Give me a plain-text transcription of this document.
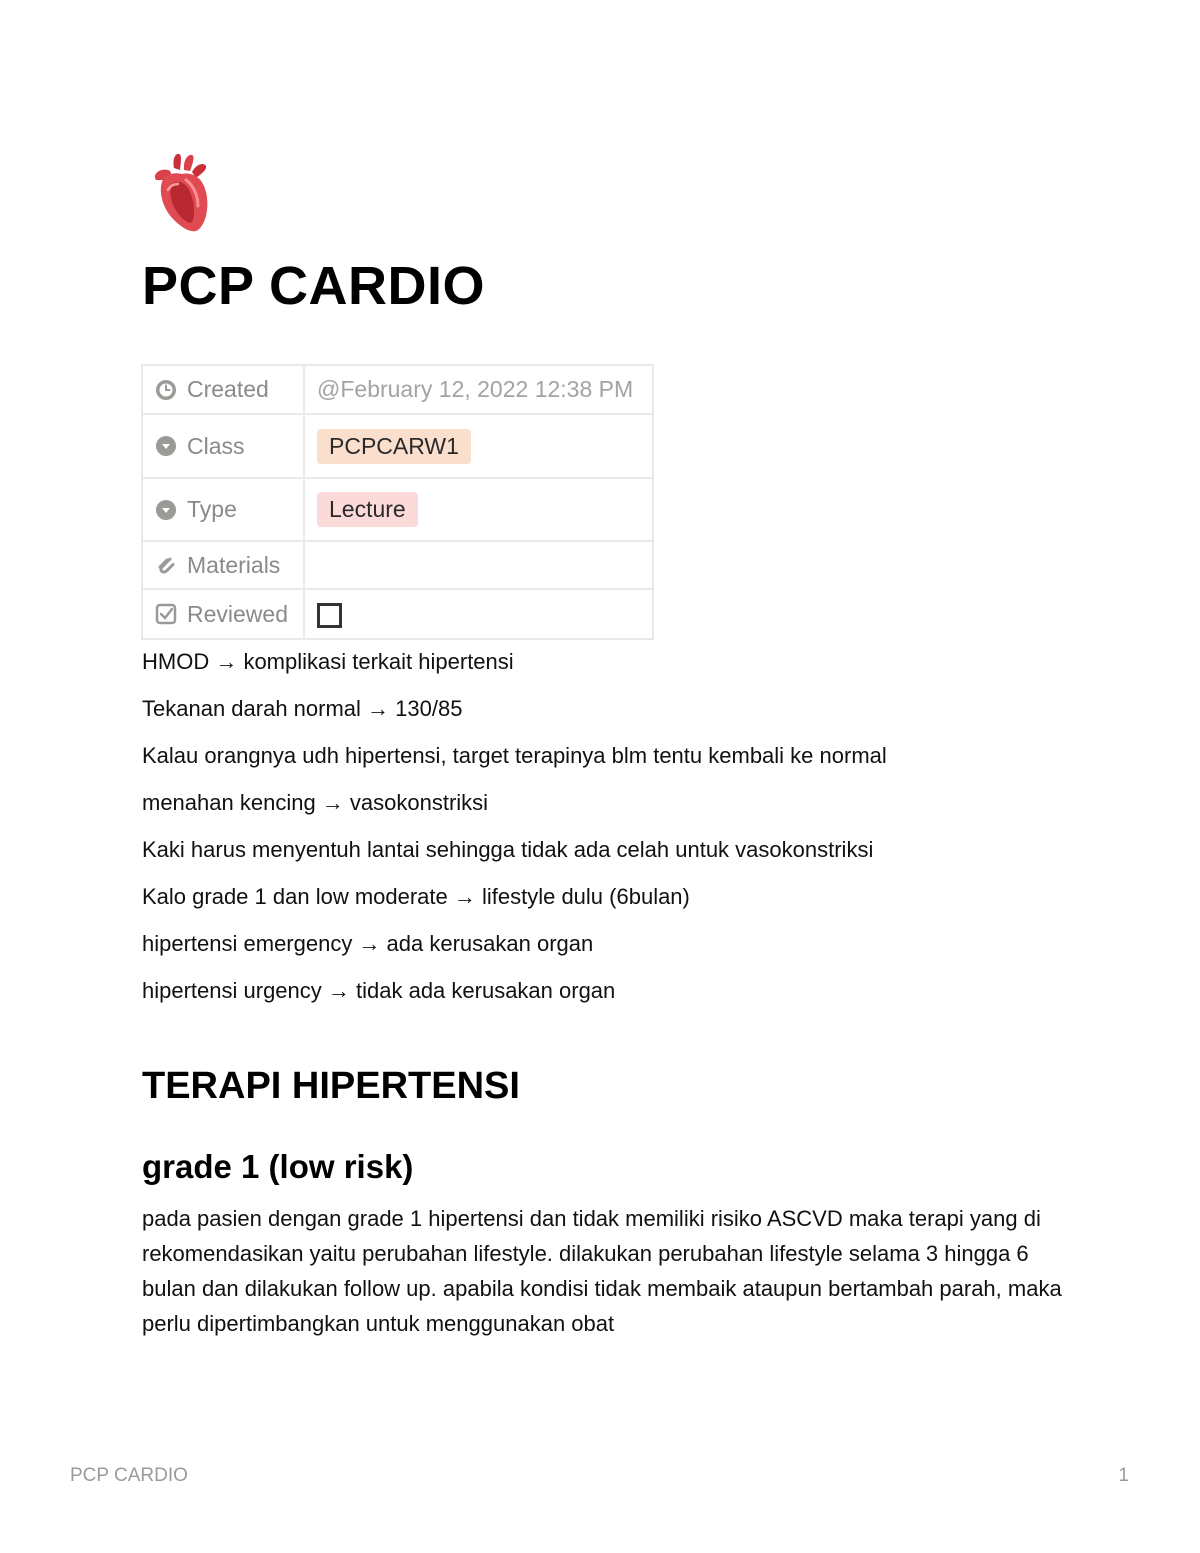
PCP CARDIO
Created	@February 12, 2022 12:38 PM

Class	PCPCARW1

Type	Lecture

Materials	

Reviewed	

HMOD → komplikasi terkait hipertensi

Tekanan darah normal → 130/85

Kalau orangnya udh hipertensi, target terapinya blm tentu kembali ke normal

menahan kencing → vasokonstriksi

Kaki harus menyentuh lantai sehingga tidak ada celah untuk vasokonstriksi

Kalo grade 1 dan low moderate → lifestyle dulu (6bulan)

hipertensi emergency → ada kerusakan organ

hipertensi urgency → tidak ada kerusakan organ

TERAPI HIPERTENSI
grade 1 (low risk)

pada pasien dengan grade 1 hipertensi dan tidak memiliki risiko ASCVD maka terapi yang di rekomendasikan yaitu perubahan lifestyle. dilakukan perubahan lifestyle selama 3 hingga 6 bulan dan dilakukan follow up. apabila kondisi tidak membaik ataupun bertambah parah, maka perlu dipertimbangkan untuk menggunakan obat

PCP CARDIO	1
